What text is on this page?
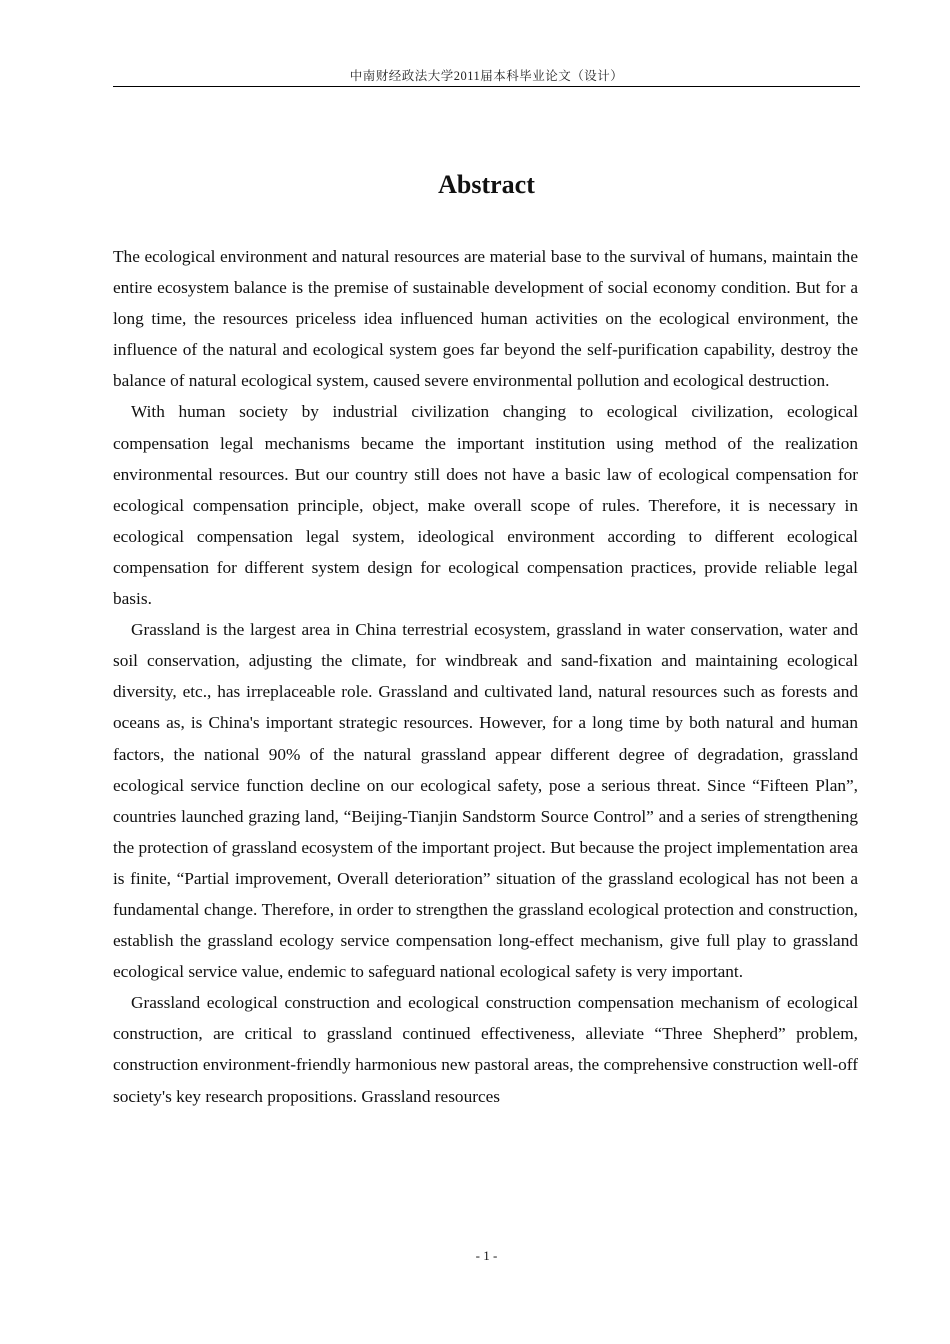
中南财经政法大学2011届本科毕业论文（设计）
Abstract

The ecological environment and natural resources are material base to the survival of humans, maintain the entire ecosystem balance is the premise of sustainable development of social economy condition. But for a long time, the resources priceless idea influenced human activities on the ecological environment, the influence of the natural and ecological system goes far beyond the self-purification capability, destroy the balance of natural ecological system, caused severe environmental pollution and ecological destruction.

With human society by industrial civilization changing to ecological civilization, ecological compensation legal mechanisms became the important institution using method of the realization environmental resources. But our country still does not have a basic law of ecological compensation for ecological compensation principle, object, make overall scope of rules. Therefore, it is necessary in ecological compensation legal system, ideological environment according to different ecological compensation for different system design for ecological compensation practices, provide reliable legal basis.

Grassland is the largest area in China terrestrial ecosystem, grassland in water conservation, water and soil conservation, adjusting the climate, for windbreak and sand-fixation and maintaining ecological diversity, etc., has irreplaceable role. Grassland and cultivated land, natural resources such as forests and oceans as, is China's important strategic resources. However, for a long time by both natural and human factors, the national 90% of the natural grassland appear different degree of degradation, grassland ecological service function decline on our ecological safety, pose a serious threat. Since “Fifteen Plan”, countries launched grazing land, “Beijing-Tianjin Sandstorm Source Control” and a series of strengthening the protection of grassland ecosystem of the important project. But because the project implementation area is finite, “Partial improvement, Overall deterioration” situation of the grassland ecological has not been a fundamental change. Therefore, in order to strengthen the grassland ecological protection and construction, establish the grassland ecology service compensation long-effect mechanism, give full play to grassland ecological service value, endemic to safeguard national ecological safety is very important.

Grassland ecological construction and ecological construction compensation mechanism of ecological construction, are critical to grassland continued effectiveness, alleviate “Three Shepherd” problem, construction environment-friendly harmonious new pastoral areas, the comprehensive construction well-off society's key research propositions. Grassland resources

- 1 -
